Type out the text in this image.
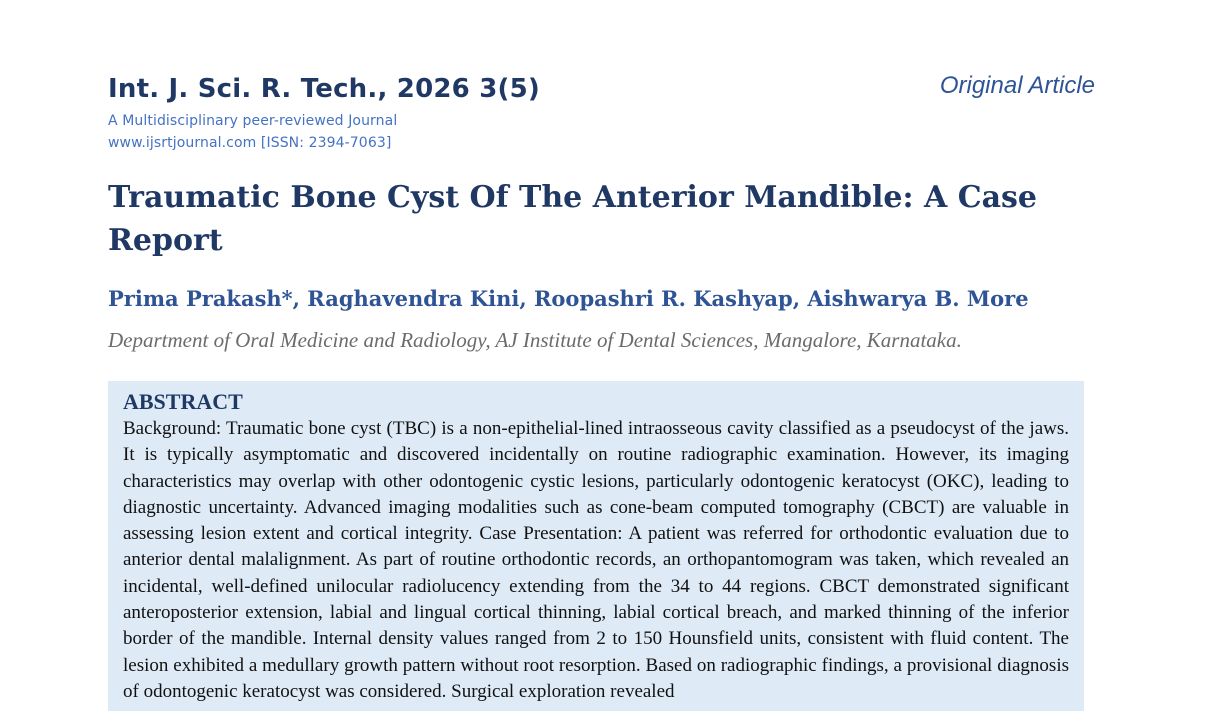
Int. J. Sci. R. Tech., 2026 3(5)
A Multidisciplinary peer-reviewed Journal
www.ijsrtjournal.com [ISSN: 2394-7063]
Original Article
Traumatic Bone Cyst Of The Anterior Mandible: A Case Report
Prima Prakash*, Raghavendra Kini, Roopashri R. Kashyap, Aishwarya B. More
Department of Oral Medicine and Radiology, AJ Institute of Dental Sciences, Mangalore, Karnataka.
ABSTRACT

Background: Traumatic bone cyst (TBC) is a non-epithelial-lined intraosseous cavity classified as a pseudocyst of the jaws. It is typically asymptomatic and discovered incidentally on routine radiographic examination. However, its imaging characteristics may overlap with other odontogenic cystic lesions, particularly odontogenic keratocyst (OKC), leading to diagnostic uncertainty. Advanced imaging modalities such as cone-beam computed tomography (CBCT) are valuable in assessing lesion extent and cortical integrity. Case Presentation: A patient was referred for orthodontic evaluation due to anterior dental malalignment. As part of routine orthodontic records, an orthopantomogram was taken, which revealed an incidental, well-defined unilocular radiolucency extending from the 34 to 44 regions. CBCT demonstrated significant anteroposterior extension, labial and lingual cortical thinning, labial cortical breach, and marked thinning of the inferior border of the mandible. Internal density values ranged from 2 to 150 Hounsfield units, consistent with fluid content. The lesion exhibited a medullary growth pattern without root resorption. Based on radiographic findings, a provisional diagnosis of odontogenic keratocyst was considered. Surgical exploration revealed
